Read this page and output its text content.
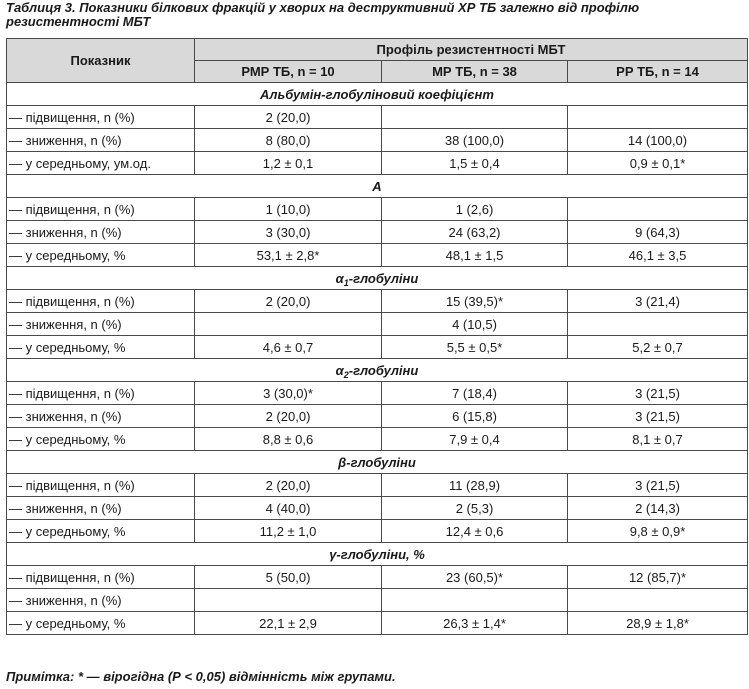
Таблиця 3. Показники білкових фракцій у хворих на деструктивний ХР ТБ залежно від профілю резистентності МБТ
Показник	Профіль резистентності МБТ		
	РМР ТБ, n = 10	МР ТБ, n = 38	РР ТБ, n = 14
Альбумін-глобуліновий коефіцієнт			
— підвищення, n (%)	2 (20,0)		
— зниження, n (%)	8 (80,0)	38 (100,0)	14 (100,0)
— у середньому, ум.од.	1,2 ± 0,1	1,5 ± 0,4	0,9 ± 0,1*
А			
— підвищення, n (%)	1 (10,0)	1 (2,6)	
— зниження, n (%)	3 (30,0)	24 (63,2)	9 (64,3)
— у середньому, %	53,1 ± 2,8*	48,1 ± 1,5	46,1 ± 3,5
$\alpha_1$-глобуліни			
— підвищення, n (%)	2 (20,0)	15 (39,5)*	3 (21,4)
— зниження, n (%)		4 (10,5)	
— у середньому, %	4,6 ± 0,7	5,5 ± 0,5*	5,2 ± 0,7
$\alpha_2$-глобуліни			
— підвищення, n (%)	3 (30,0)*	7 (18,4)	3 (21,5)
— зниження, n (%)	2 (20,0)	6 (15,8)	3 (21,5)
— у середньому, %	8,8 ± 0,6	7,9 ± 0,4	8,1 ± 0,7
β-глобуліни			
— підвищення, n (%)	2 (20,0)	11 (28,9)	3 (21,5)
— зниження, n (%)	4 (40,0)	2 (5,3)	2 (14,3)
— у середньому, %	11,2 ± 1,0	12,4 ± 0,6	9,8 ± 0,9*
γ-глобуліни, %			
— підвищення, n (%)	5 (50,0)	23 (60,5)*	12 (85,7)*
— зниження, n (%)			
— у середньому, %	22,1 ± 2,9	26,3 ± 1,4*	28,9 ± 1,8*
Примітка: * — вірогідна (Р < 0,05) відмінність між групами.
